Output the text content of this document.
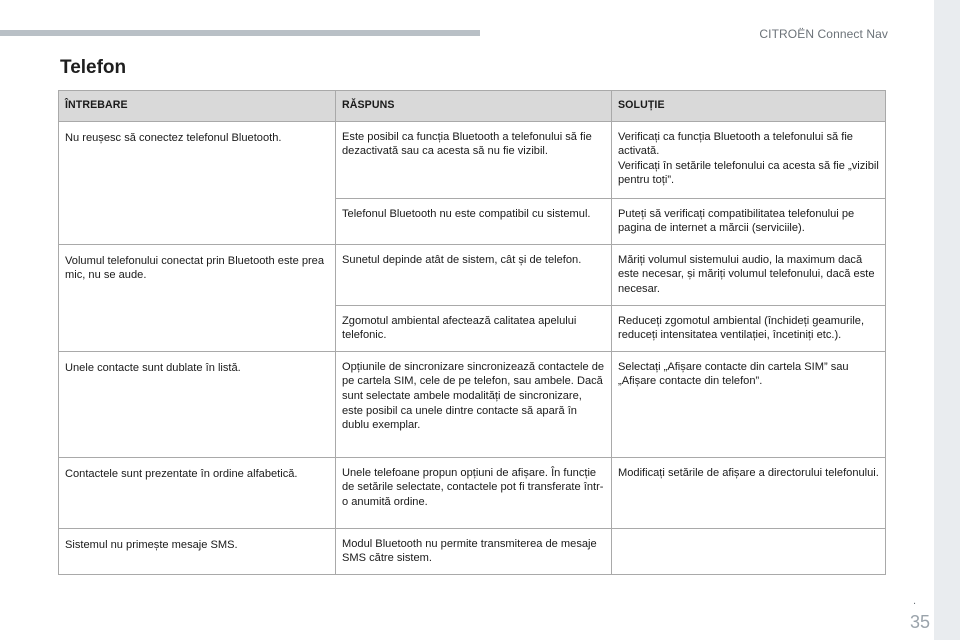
CITROËN Connect Nav
Telefon
ÎNTREBARE	RĂSPUNS	SOLUȚIE
Nu reușesc să conectez telefonul Bluetooth.	Este posibil ca funcția Bluetooth a telefonului să fie dezactivată sau ca acesta să nu fie vizibil.	Verificați ca funcția Bluetooth a telefonului să fie activată.
Verificați în setările telefonului ca acesta să fie „vizibil pentru toți”.
	Telefonul Bluetooth nu este compatibil cu sistemul.	Puteți să verificați compatibilitatea telefonului pe pagina de internet a mărcii (serviciile).
Volumul telefonului conectat prin Bluetooth este prea mic, nu se aude.	Sunetul depinde atât de sistem, cât și de telefon.	Măriți volumul sistemului audio, la maximum dacă este necesar, și măriți volumul telefonului, dacă este necesar.
	Zgomotul ambiental afectează calitatea apelului telefonic.	Reduceți zgomotul ambiental (închideți geamurile, reduceți intensitatea ventilației, încetiniți etc.).
Unele contacte sunt dublate în listă.	Opțiunile de sincronizare sincronizează contactele de pe cartela SIM, cele de pe telefon, sau ambele. Dacă sunt selectate ambele modalități de sincronizare, este posibil ca unele dintre contacte să apară în dublu exemplar.	Selectați „Afișare contacte din cartela SIM” sau „Afișare contacte din telefon”.
Contactele sunt prezentate în ordine alfabetică.	Unele telefoane propun opțiuni de afișare. În funcție de setările selectate, contactele pot fi transferate într-o anumită ordine.	Modificați setările de afișare a directorului telefonului.
Sistemul nu primește mesaje SMS.	Modul Bluetooth nu permite transmiterea de mesaje SMS către sistem.	
.
35
